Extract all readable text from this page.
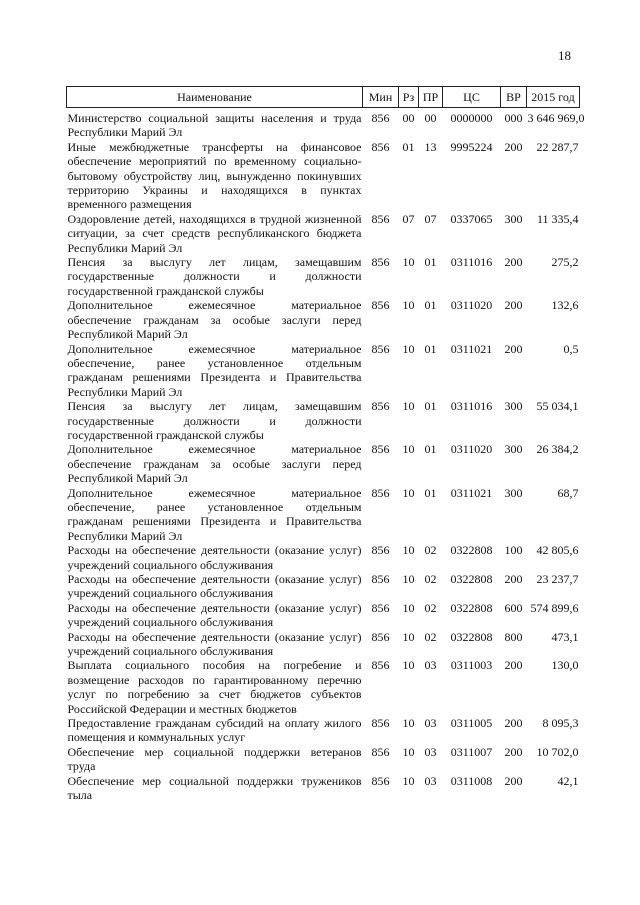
18
Наименование	Мин	Рз	ПР	ЦС	ВР	2015 год
Министерство социальной защиты населения и труда Республики Марий Эл	856	00	00	0000000	000	3 646 969,0
Иные межбюджетные трансферты на финансовое обеспечение мероприятий по временному социально-бытовому обустройству лиц, вынужденно покинувших территорию Украины и находящихся в пунктах временного размещения	856	01	13	9995224	200	22 287,7
Оздоровление детей, находящихся в трудной жизненной ситуации, за счет средств республиканского бюджета Республики Марий Эл	856	07	07	0337065	300	11 335,4
Пенсия за выслугу лет лицам, замещавшим государственные должности и должности государственной гражданской службы	856	10	01	0311016	200	275,2
Дополнительное ежемесячное материальное обеспечение гражданам за особые заслуги перед Республикой Марий Эл	856	10	01	0311020	200	132,6
Дополнительное ежемесячное материальное обеспечение, ранее установленное отдельным гражданам решениями Президента и Правительства Республики Марий Эл	856	10	01	0311021	200	0,5
Пенсия за выслугу лет лицам, замещавшим государственные должности и должности государственной гражданской службы	856	10	01	0311016	300	55 034,1
Дополнительное ежемесячное материальное обеспечение гражданам за особые заслуги перед Республикой Марий Эл	856	10	01	0311020	300	26 384,2
Дополнительное ежемесячное материальное обеспечение, ранее установленное отдельным гражданам решениями Президента и Правительства Республики Марий Эл	856	10	01	0311021	300	68,7
Расходы на обеспечение деятельности (оказание услуг) учреждений социального обслуживания	856	10	02	0322808	100	42 805,6
Расходы на обеспечение деятельности (оказание услуг) учреждений социального обслуживания	856	10	02	0322808	200	23 237,7
Расходы на обеспечение деятельности (оказание услуг) учреждений социального обслуживания	856	10	02	0322808	600	574 899,6
Расходы на обеспечение деятельности (оказание услуг) учреждений социального обслуживания	856	10	02	0322808	800	473,1
Выплата социального пособия на погребение и возмещение расходов по гарантированному перечню услуг по погребению за счет бюджетов субъектов Российской Федерации и местных бюджетов	856	10	03	0311003	200	130,0
Предоставление гражданам субсидий на оплату жилого помещения и коммунальных услуг	856	10	03	0311005	200	8 095,3
Обеспечение мер социальной поддержки ветеранов труда	856	10	03	0311007	200	10 702,0
Обеспечение мер социальной поддержки тружеников тыла	856	10	03	0311008	200	42,1
